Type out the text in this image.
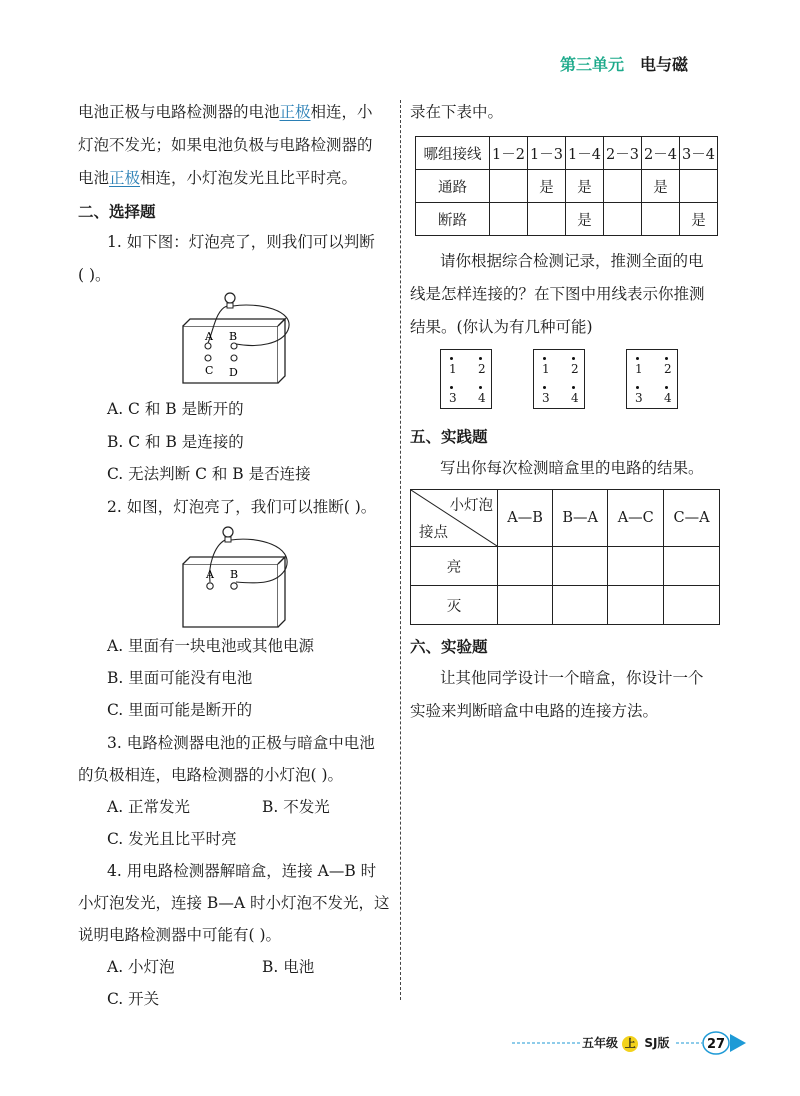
第三单元 电与磁
电池正极与电路检测器的电池正极相连，小
灯泡不发光；如果电池负极与电路检测器的
电池正极相连，小灯泡发光且比平时亮。
二、选择题
1. 如下图：灯泡亮了，则我们可以判断
( )。
A B
C D
A. C 和 B 是断开的
B. C 和 B 是连接的
C. 无法判断 C 和 B 是否连接
2. 如图，灯泡亮了，我们可以推断( )。
A B
A. 里面有一块电池或其他电源
B. 里面可能没有电池
C. 里面可能是断开的
3. 电路检测器电池的正极与暗盒中电池
的负极相连，电路检测器的小灯泡( )。
A. 正常发光	B. 不发光
C. 发光且比平时亮
4. 用电路检测器解暗盒，连接 A—B 时
小灯泡发光，连接 B—A 时小灯泡不发光，这
说明电路检测器中可能有( )。
A. 小灯泡	B. 电池
C. 开关
录在下表中。
哪组接线	1－2	1－3	1－4	2－3	2－4	3－4
通路		是	是		是	
断路			是			是
请你根据综合检测记录，推测全面的电
线是怎样连接的？在下图中用线表示你推测
结果。(你认为有几种可能)
1 2
3 4
1 2
3 4
1 2
3 4
五、实践题
写出你每次检测暗盒里的电路的结果。
小灯泡
接点	A—B	B—A	A—C	C—A
亮				
灭				
六、实验题
让其他同学设计一个暗盒，你设计一个
实验来判断暗盒中电路的连接方法。
五年级 上 SJ版	27
